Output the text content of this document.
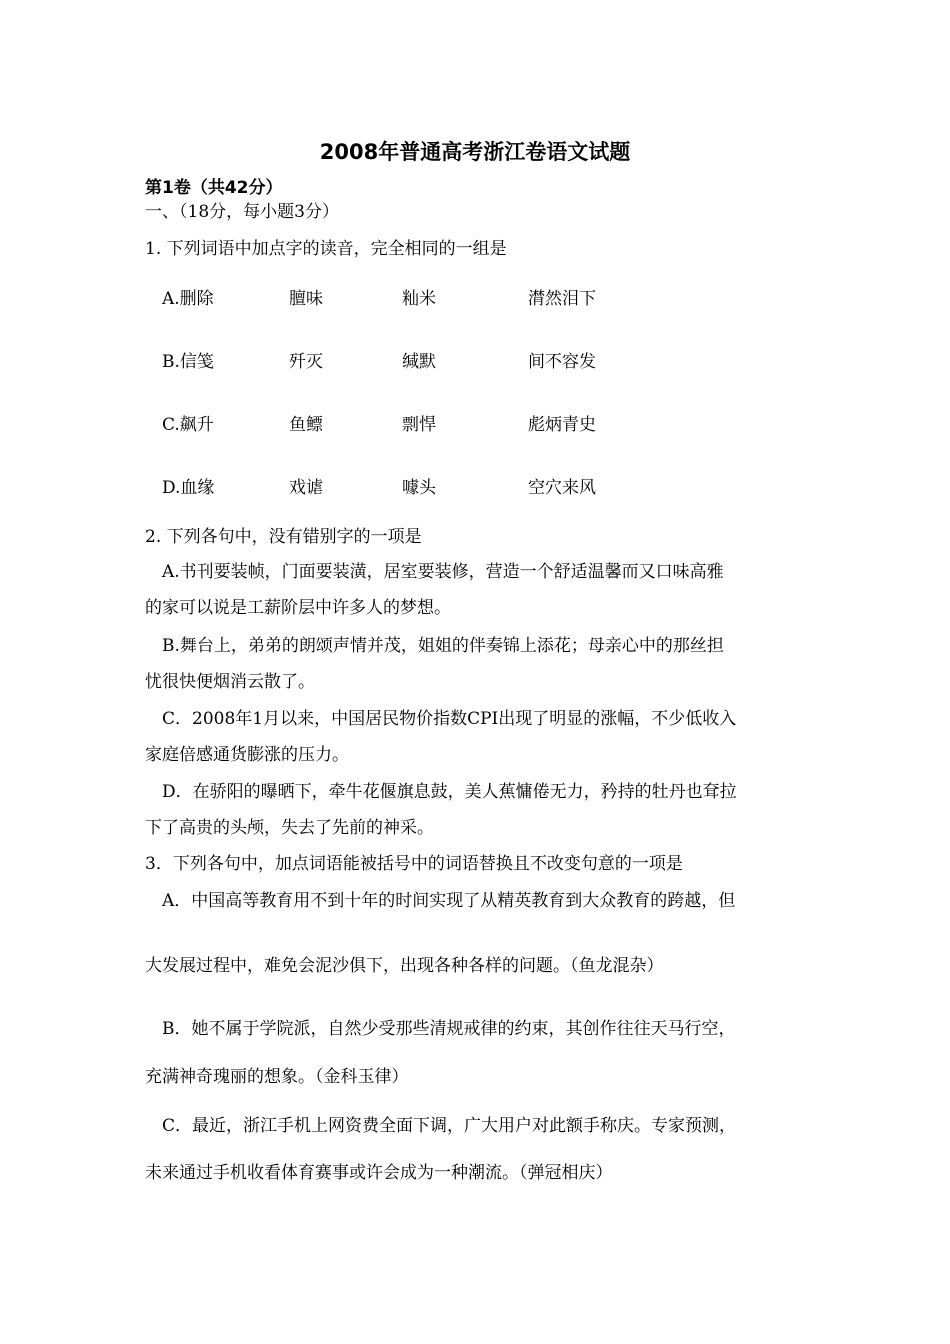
2008年普通高考浙江卷语文试题
第1卷（共42分）
一、（18分，每小题3分）
1. 下列词语中加点字的读音，完全相同的一组是
A.删除	膻味	籼米	潸然泪下
B.信笺	歼灭	缄默	间不容发
C.飙升	鱼鳔	剽悍	彪炳青史
D.血缘	戏谑	噱头	空穴来风
2. 下列各句中，没有错别字的一项是
A.书刊要装帧，门面要装潢，居室要装修，营造一个舒适温馨而又口味高雅
的家可以说是工薪阶层中许多人的梦想。
B.舞台上，弟弟的朗颂声情并茂，姐姐的伴奏锦上添花；母亲心中的那丝担
忧很快便烟消云散了。
C．2008年1月以来，中国居民物价指数CPI出现了明显的涨幅，不少低收入
家庭倍感通货膨涨的压力。
D．在骄阳的曝晒下，牵牛花偃旗息鼓，美人蕉慵倦无力，矜持的牡丹也耷拉
下了高贵的头颅，失去了先前的神采。
3．下列各句中，加点词语能被括号中的词语替换且不改变句意的一项是
A．中国高等教育用不到十年的时间实现了从精英教育到大众教育的跨越，但
大发展过程中，难免会泥沙俱下，出现各种各样的问题。（鱼龙混杂）
B．她不属于学院派，自然少受那些清规戒律的约束，其创作往往天马行空，
充满神奇瑰丽的想象。（金科玉律）
C．最近，浙江手机上网资费全面下调，广大用户对此额手称庆。专家预测，
未来通过手机收看体育赛事或许会成为一种潮流。（弹冠相庆）
